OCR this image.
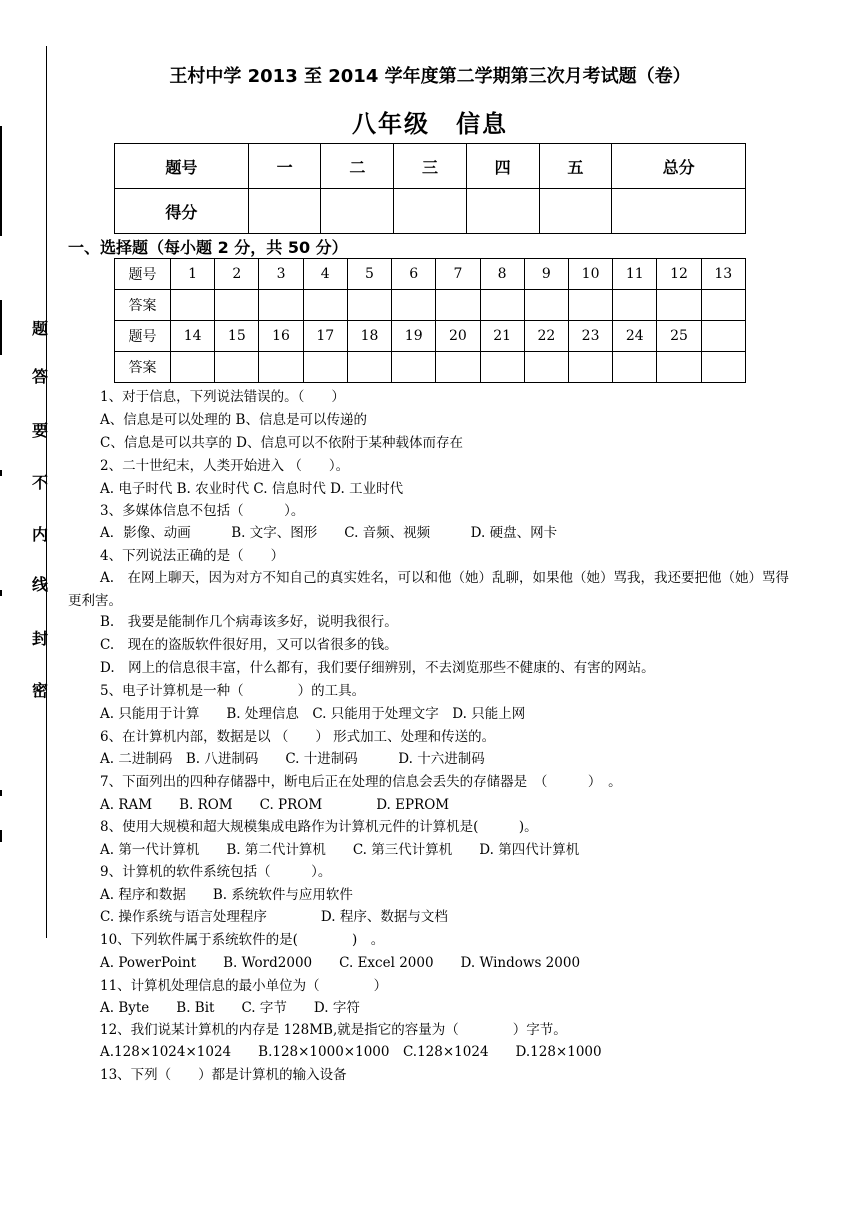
题
答
要
不
内
线
封
密
王村中学 2013 至 2014 学年度第二学期第三次月考试题（卷）
八年级　信息
题号	一	二	三	四	五	总分
得分						
一、选择题（每小题 2 分，共 50 分）
题号	1	2	3	4	5	6	7	8	9	10	11	12	13
答案													
题号	14	15	16	17	18	19	20	21	22	23	24	25	
答案													
1、对于信息，下列说法错误的。（　　）
A、信息是可以处理的 B、信息是可以传递的
C、信息是可以共享的 D、信息可以不依附于某种载体而存在
2、二十世纪末，人类开始进入 （　　）。
A. 电子时代 B. 农业时代 C. 信息时代 D. 工业时代
3、多媒体信息不包括（　　　）。
A．影像、动画　　　B. 文字、图形　　C. 音频、视频　　　D. 硬盘、网卡
4、下列说法正确的是（　　）
A.　在网上聊天，因为对方不知自己的真实姓名，可以和他（她）乱聊，如果他（她）骂我，我还要把他（她）骂得更利害。
B.　我要是能制作几个病毒该多好，说明我很行。
C.　现在的盗版软件很好用，又可以省很多的钱。
D.　网上的信息很丰富，什么都有，我们要仔细辨别，不去浏览那些不健康的、有害的网站。
5、电子计算机是一种（　　　　）的工具。
A. 只能用于计算　　B. 处理信息　C. 只能用于处理文字　D. 只能上网
6、在计算机内部，数据是以 （　　） 形式加工、处理和传送的。
A. 二进制码　B. 八进制码　　C. 十进制码　　　D. 十六进制码
7、下面列出的四种存储器中，断电后正在处理的信息会丢失的存储器是　（　　　）　。
A. RAM　　B. ROM　　C. PROM　　　　D. EPROM
8、使用大规模和超大规模集成电路作为计算机元件的计算机是(　　　)。
A. 第一代计算机　　B. 第二代计算机　　C. 第三代计算机　　D. 第四代计算机
9、计算机的软件系统包括（　　　）。
A. 程序和数据　　B. 系统软件与应用软件
C. 操作系统与语言处理程序　　　　D. 程序、数据与文档
10、下列软件属于系统软件的是(　　　　)　。
A. PowerPoint　　B. Word2000　　C. Excel 2000　　D. Windows 2000
11、计算机处理信息的最小单位为（　　　　）
A. Byte　　B. Bit　　C. 字节　　D. 字符
12、我们说某计算机的内存是 128MB,就是指它的容量为（　　　　）字节。
A.128×1024×1024　　B.128×1000×1000　C.128×1024　　D.128×1000
13、下列（　　）都是计算机的输入设备
